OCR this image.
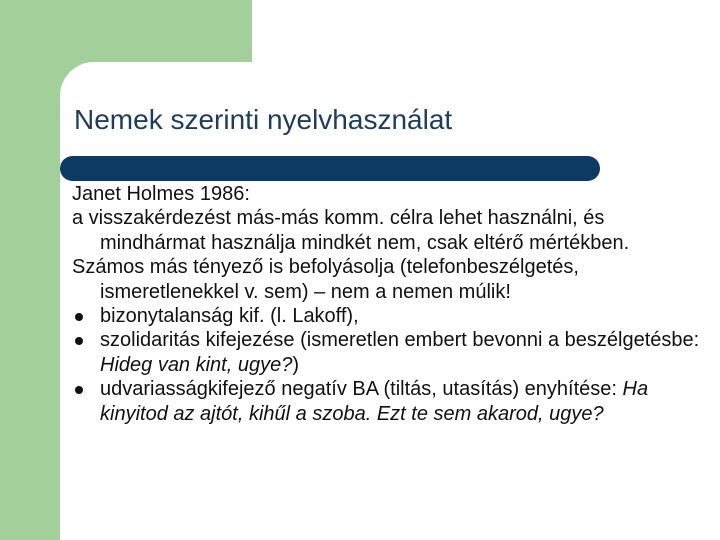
Nemek szerinti nyelvhasználat

Janet Holmes 1986:

a visszakérdezést más-más komm. célra lehet használni, és mindhármat használja mindkét nem, csak eltérő mértékben.

Számos más tényező is befolyásolja (telefonbeszélgetés, ismeretlenekkel v. sem) – nem a nemen múlik!

bizonytalanság kif. (l. Lakoff),
szolidaritás kifejezése (ismeretlen embert bevonni a beszélgetésbe: Hideg van kint, ugye?)
udvariasságkifejező negatív BA (tiltás, utasítás) enyhítése: Ha kinyitod az ajtót, kihűl a szoba. Ezt te sem akarod, ugye?
